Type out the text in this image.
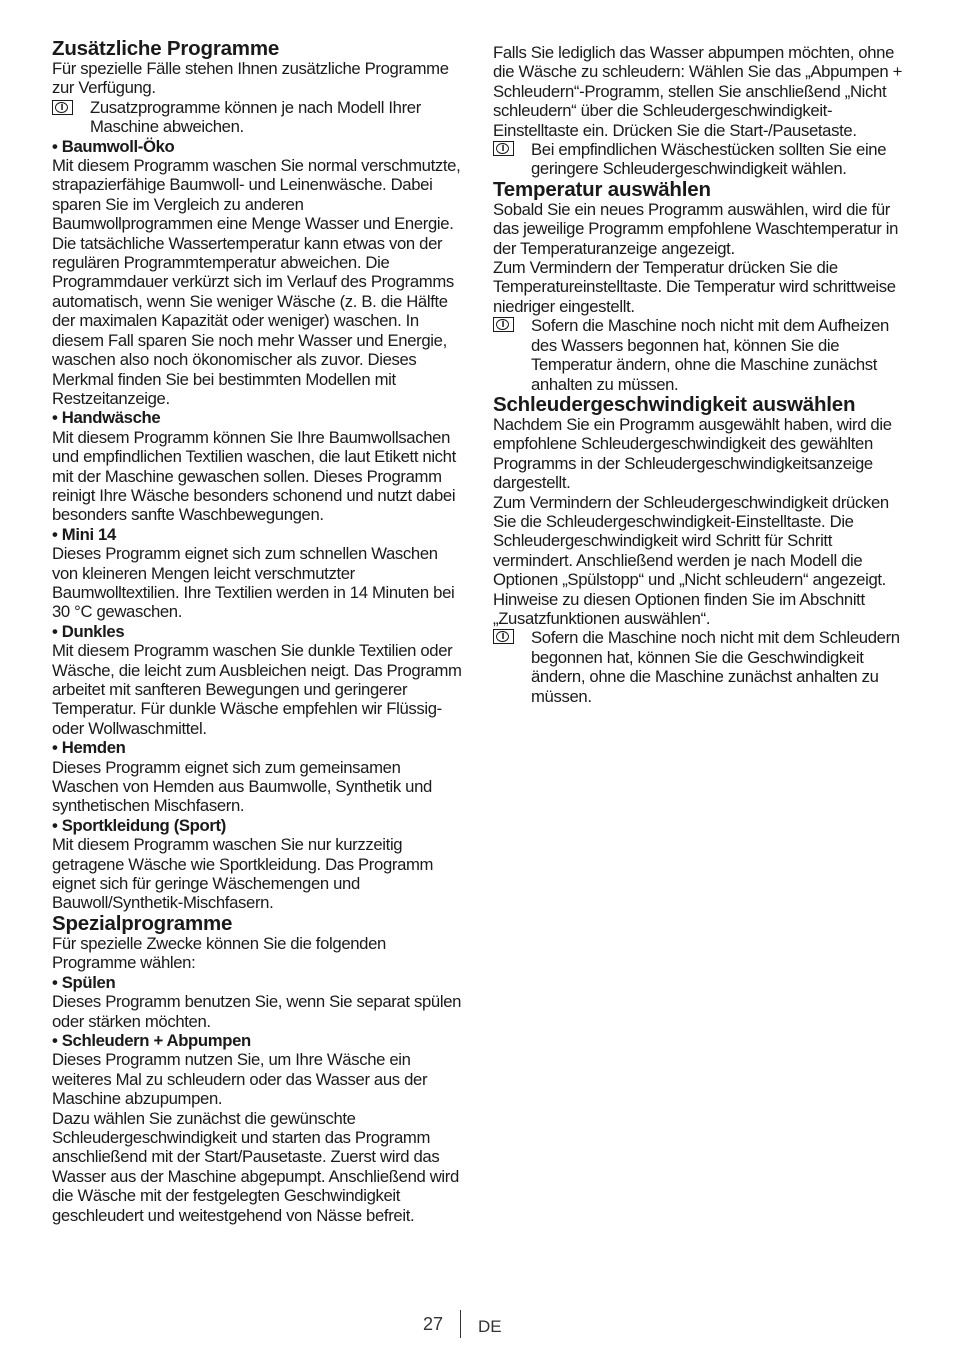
Zusätzliche Programme

Für spezielle Fälle stehen Ihnen zusätzliche Programme zur Verfügung.

i

Zusatzprogramme können je nach Modell Ihrer Maschine abweichen.

• Baumwoll-Öko

Mit diesem Programm waschen Sie normal verschmutzte, strapazierfähige Baumwoll- und Leinenwäsche. Dabei sparen Sie im Vergleich zu anderen Baumwollprogrammen eine Menge Wasser und Energie. Die tatsächliche Wassertemperatur kann etwas von der regulären Programmtemperatur abweichen. Die Programmdauer verkürzt sich im Verlauf des Programms automatisch, wenn Sie weniger Wäsche (z. B. die Hälfte der maximalen Kapazität oder weniger) waschen. In diesem Fall sparen Sie noch mehr Wasser und Energie, waschen also noch ökonomischer als zuvor. Dieses Merkmal finden Sie bei bestimmten Modellen mit Restzeitanzeige.

• Handwäsche

Mit diesem Programm können Sie Ihre Baumwollsachen und empfindlichen Textilien waschen, die laut Etikett nicht mit der Maschine gewaschen sollen. Dieses Programm reinigt Ihre Wäsche besonders schonend und nutzt dabei besonders sanfte Waschbewegungen.

• Mini 14

Dieses Programm eignet sich zum schnellen Waschen von kleineren Mengen leicht verschmutzter Baumwolltextilien. Ihre Textilien werden in 14 Minuten bei 30 °C gewaschen.

• Dunkles

Mit diesem Programm waschen Sie dunkle Textilien oder Wäsche, die leicht zum Ausbleichen neigt. Das Programm arbeitet mit sanfteren Bewegungen und geringerer Temperatur. Für dunkle Wäsche empfehlen wir Flüssig- oder Wollwaschmittel.

• Hemden

Dieses Programm eignet sich zum gemeinsamen Waschen von Hemden aus Baumwolle, Synthetik und synthetischen Mischfasern.

• Sportkleidung (Sport)

Mit diesem Programm waschen Sie nur kurzzeitig getragene Wäsche wie Sportkleidung. Das Programm eignet sich für geringe Wäschemengen und Bauwoll/Synthetik-Mischfasern.

Spezialprogramme

Für spezielle Zwecke können Sie die folgenden Programme wählen:

• Spülen

Dieses Programm benutzen Sie, wenn Sie separat spülen oder stärken möchten.

• Schleudern + Abpumpen

Dieses Programm nutzen Sie, um Ihre Wäsche ein weiteres Mal zu schleudern oder das Wasser aus der Maschine abzupumpen.

Dazu wählen Sie zunächst die gewünschte Schleudergeschwindigkeit und starten das Programm anschließend mit der Start/Pausetaste. Zuerst wird das Wasser aus der Maschine abgepumpt. Anschließend wird die Wäsche mit der festgelegten Geschwindigkeit geschleudert und weitestgehend von Nässe befreit.

Falls Sie lediglich das Wasser abpumpen möchten, ohne die Wäsche zu schleudern: Wählen Sie das „Abpumpen + Schleudern“-Programm, stellen Sie anschließend „Nicht schleudern“ über die Schleudergeschwindigkeit-Einstelltaste ein. Drücken Sie die Start-/Pausetaste.

i

Bei empfindlichen Wäschestücken sollten Sie eine geringere Schleudergeschwindigkeit wählen.

Temperatur auswählen

Sobald Sie ein neues Programm auswählen, wird die für das jeweilige Programm empfohlene Waschtemperatur in der Temperaturanzeige angezeigt.

Zum Vermindern der Temperatur drücken Sie die Temperatureinstelltaste. Die Temperatur wird schrittweise niedriger eingestellt.

i

Sofern die Maschine noch nicht mit dem Aufheizen des Wassers begonnen hat, können Sie die Temperatur ändern, ohne die Maschine zunächst anhalten zu müssen.

Schleudergeschwindigkeit auswählen

Nachdem Sie ein Programm ausgewählt haben, wird die empfohlene Schleudergeschwindigkeit des gewählten Programms in der Schleudergeschwindigkeitsanzeige dargestellt.

Zum Vermindern der Schleudergeschwindigkeit drücken Sie die Schleudergeschwindigkeit-Einstelltaste. Die Schleudergeschwindigkeit wird Schritt für Schritt vermindert. Anschließend werden je nach Modell die Optionen „Spülstopp“ und „Nicht schleudern“ angezeigt. Hinweise zu diesen Optionen finden Sie im Abschnitt „Zusatzfunktionen auswählen“.

i

Sofern die Maschine noch nicht mit dem Schleudern begonnen hat, können Sie die Geschwindigkeit ändern, ohne die Maschine zunächst anhalten zu müssen.

27 DE
